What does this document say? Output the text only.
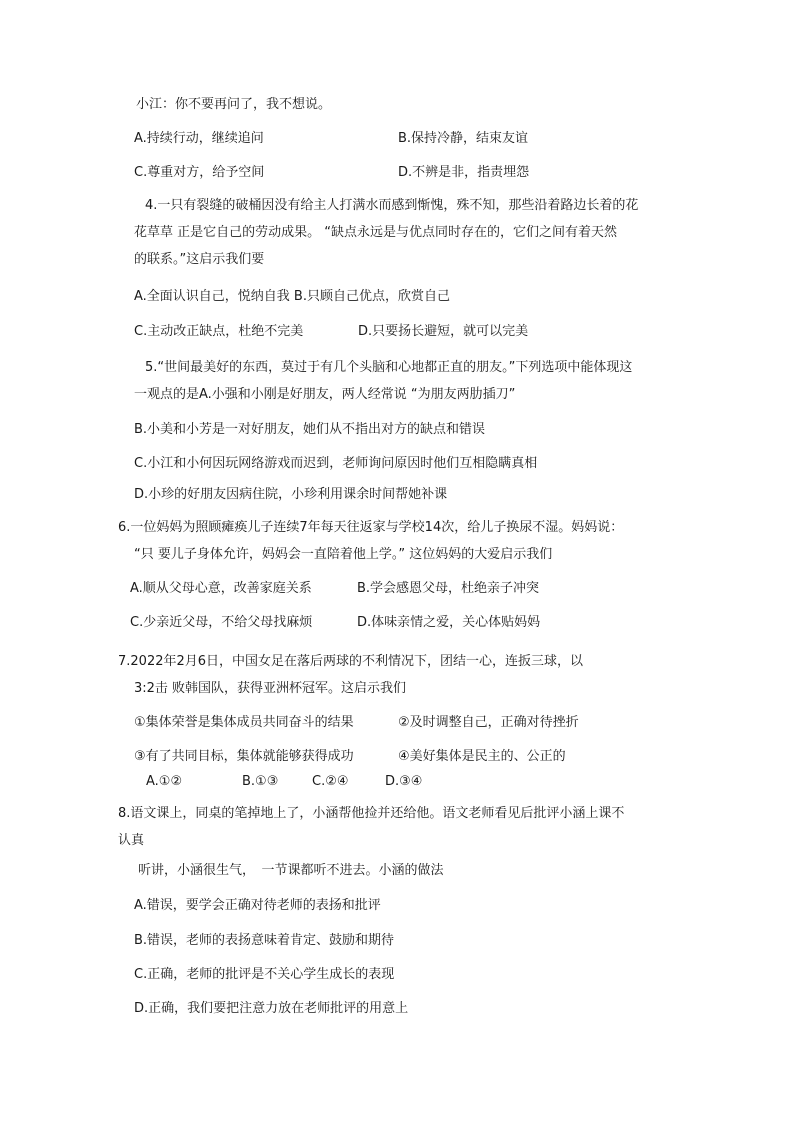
小江：你不要再问了，我不想说。
A.持续行动，继续追问	B.保持冷静，结束友谊
C.尊重对方，给予空间	D.不辨是非，指责埋怨
4.一只有裂缝的破桶因没有给主人打满水而感到惭愧，殊不知，那些沿着路边长着的花
花草草 正是它自己的劳动成果。 “缺点永远是与优点同时存在的，它们之间有着天然
的联系。”这启示我们要
A.全面认识自己，悦纳自我 B.只顾自己优点，欣赏自己
C.主动改正缺点，杜绝不完美	D.只要扬长避短，就可以完美
5.“世间最美好的东西，莫过于有几个头脑和心地都正直的朋友。”下列选项中能体现这
一观点的是A.小强和小刚是好朋友，两人经常说 “为朋友两肋插刀”
B.小美和小芳是一对好朋友，她们从不指出对方的缺点和错误
C.小江和小何因玩网络游戏而迟到，老师询问原因时他们互相隐瞒真相
D.小珍的好朋友因病住院，小珍利用课余时间帮她补课
6.一位妈妈为照顾瘫痪儿子连续7年每天往返家与学校14次，给儿子换尿不湿。妈妈说：
“只 要儿子身体允许，妈妈会一直陪着他上学。” 这位妈妈的大爱启示我们
A.顺从父母心意，改善家庭关系	B.学会感恩父母，杜绝亲子冲突
C.少亲近父母，不给父母找麻烦	D.体味亲情之爱，关心体贴妈妈
7.2022年2月6日，中国女足在落后两球的不利情况下，团结一心，连扳三球，以
3:2击 败韩国队，获得亚洲杯冠军。这启示我们
①集体荣誉是集体成员共同奋斗的结果	②及时调整自己，正确对待挫折
③有了共同目标，集体就能够获得成功	④美好集体是民主的、公正的
A.①②	B.①③	C.②④	D.③④
8.语文课上，同桌的笔掉地上了，小涵帮他捡并还给他。语文老师看见后批评小涵上课不
认真
听讲，小涵很生气，　一节课都听不进去。小涵的做法
A.错误，要学会正确对待老师的表扬和批评
B.错误，老师的表扬意味着肯定、鼓励和期待
C.正确，老师的批评是不关心学生成长的表现
D.正确，我们要把注意力放在老师批评的用意上
